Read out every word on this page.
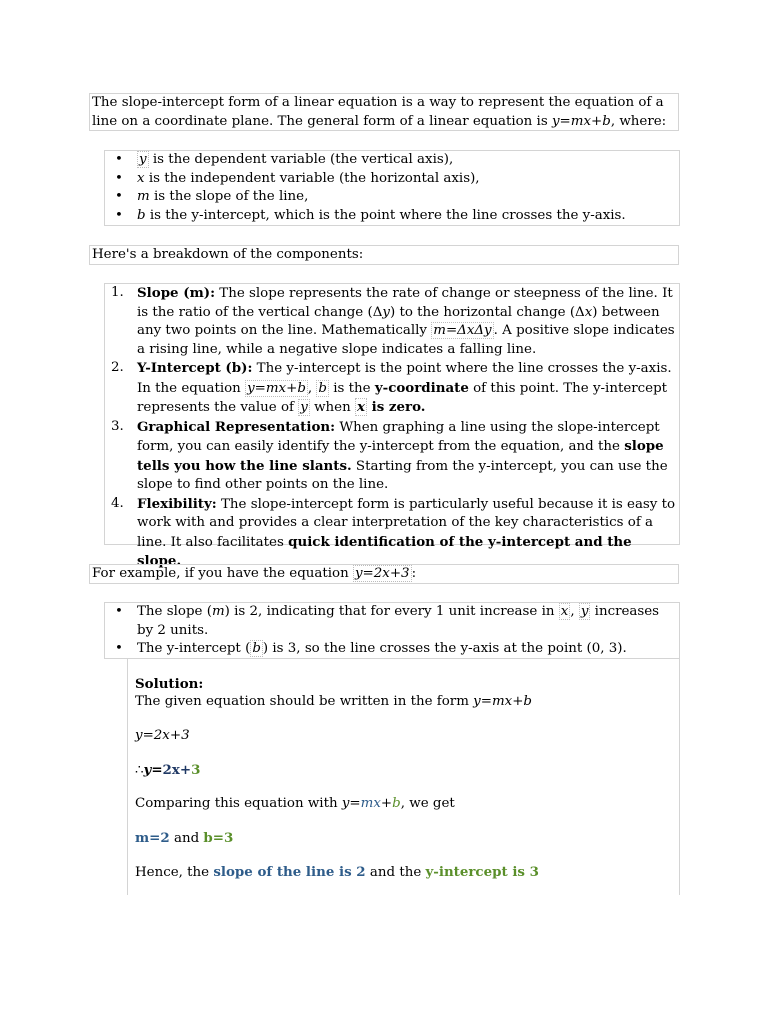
The slope-intercept form of a linear equation is a way to represent the equation of a line on a coordinate plane. The general form of a linear equation is y=mx+b, where:
• y is the dependent variable (the vertical axis),
• x is the independent variable (the horizontal axis),
• m is the slope of the line,
• b is the y-intercept, which is the point where the line crosses the y-axis.
Here's a breakdown of the components:
1. Slope (m): The slope represents the rate of change or steepness of the line. It is the ratio of the vertical change (Δy) to the horizontal change (Δx) between any two points on the line. Mathematically m=ΔxΔy . A positive slope indicates a rising line, while a negative slope indicates a falling line.
2. Y-Intercept (b): The y-intercept is the point where the line crosses the y-axis. In the equation y=mx+b , b is the y-coordinate of this point. The y-intercept represents the value of y when x is zero.
3. Graphical Representation: When graphing a line using the slope-intercept form, you can easily identify the y-intercept from the equation, and the slope tells you how the line slants. Starting from the y-intercept, you can use the slope to find other points on the line.
4. Flexibility: The slope-intercept form is particularly useful because it is easy to work with and provides a clear interpretation of the key characteristics of a line. It also facilitates quick identification of the y-intercept and the slope.
For example, if you have the equation y=2x+3 :
• The slope (m) is 2, indicating that for every 1 unit increase in x , y increases by 2 units.
• The y-intercept ( b ) is 3, so the line crosses the y-axis at the point (0, 3).
Solution:
The given equation should be written in the form y=mx+b
y=2x+3
∴y=2x+3
Comparing this equation with y=mx+b, we get
m=2 and b=3
Hence, the slope of the line is 2 and the y-intercept is 3
